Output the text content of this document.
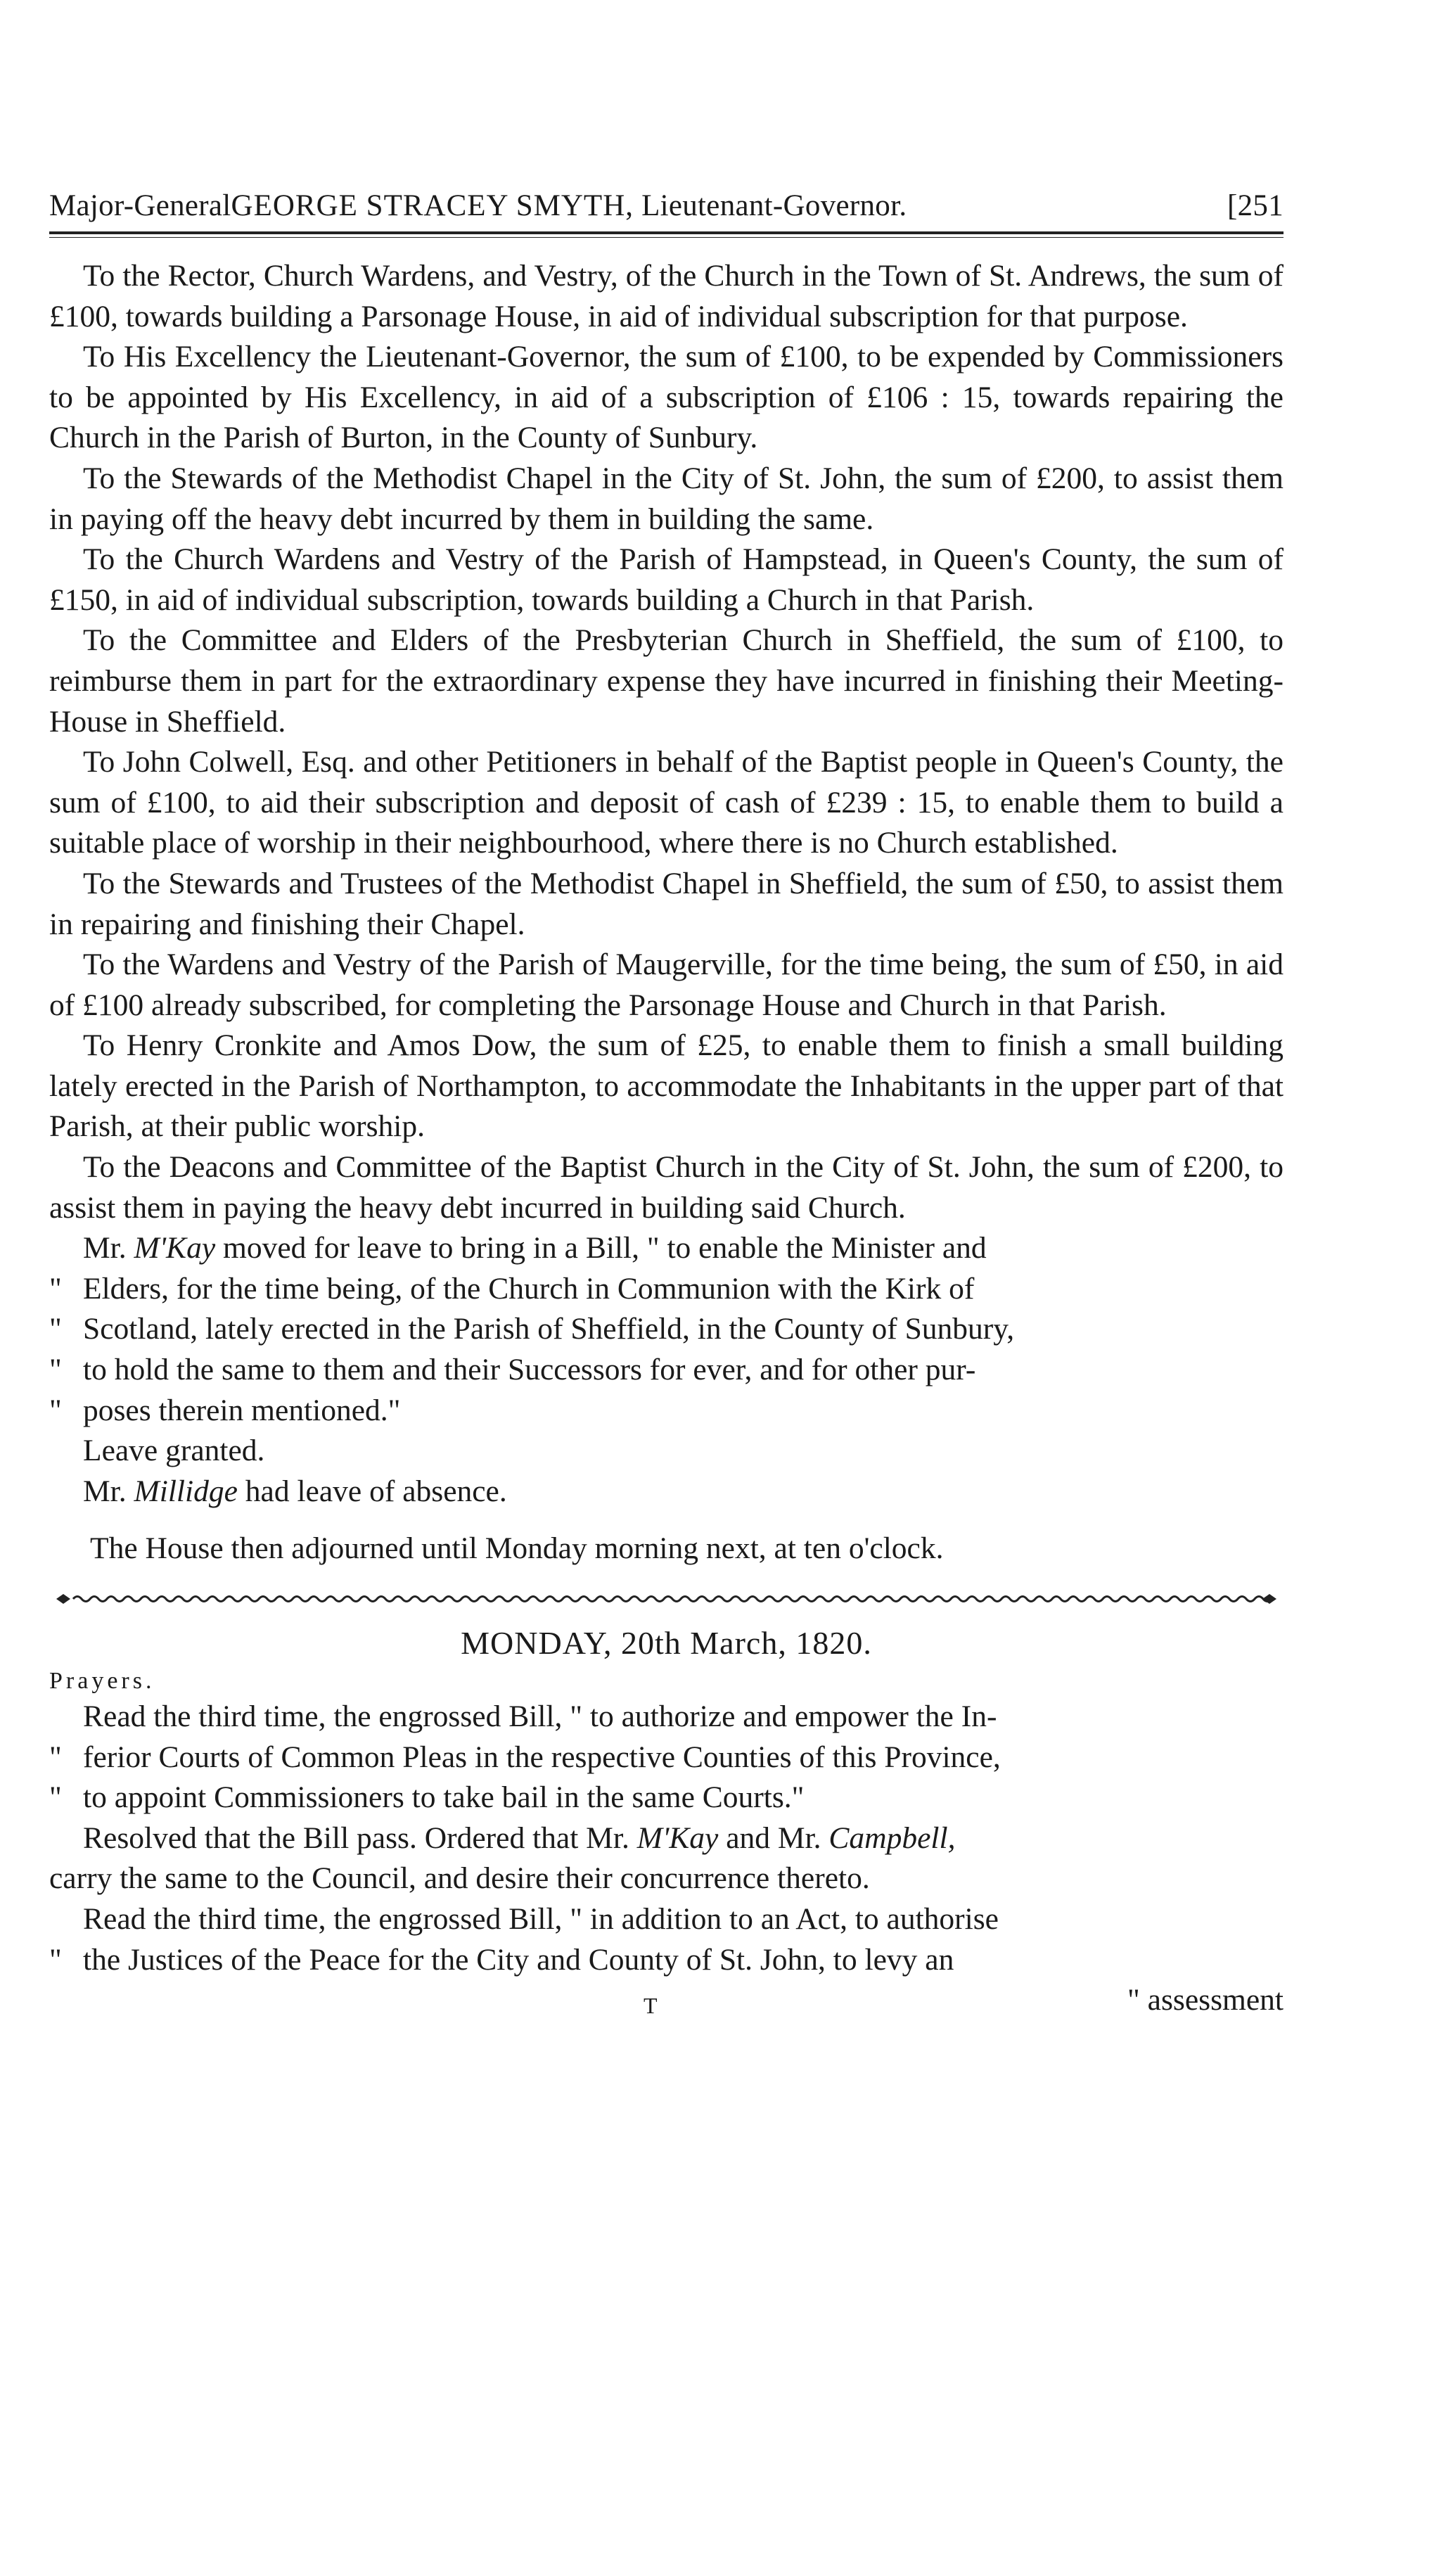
Major-GeneralGEORGE STRACEY SMYTH, Lieutenant-Governor.	[251

To the Rector, Church Wardens, and Vestry, of the Church in the Town of St. Andrews, the sum of £100, towards building a Parsonage House, in aid of individual subscription for that purpose.

To His Excellency the Lieutenant-Governor, the sum of £100, to be expended by Commissioners to be appointed by His Excellency, in aid of a subscription of £106 : 15, towards repairing the Church in the Parish of Burton, in the County of Sunbury.

To the Stewards of the Methodist Chapel in the City of St. John, the sum of £200, to assist them in paying off the heavy debt incurred by them in building the same.

To the Church Wardens and Vestry of the Parish of Hampstead, in Queen's County, the sum of £150, in aid of individual subscription, towards building a Church in that Parish.

To the Committee and Elders of the Presbyterian Church in Sheffield, the sum of £100, to reimburse them in part for the extraordinary expense they have incurred in finishing their Meeting-House in Sheffield.

To John Colwell, Esq. and other Petitioners in behalf of the Baptist people in Queen's County, the sum of £100, to aid their subscription and deposit of cash of £239 : 15, to enable them to build a suitable place of worship in their neighbourhood, where there is no Church established.

To the Stewards and Trustees of the Methodist Chapel in Sheffield, the sum of £50, to assist them in repairing and finishing their Chapel.

To the Wardens and Vestry of the Parish of Maugerville, for the time being, the sum of £50, in aid of £100 already subscribed, for completing the Parsonage House and Church in that Parish.

To Henry Cronkite and Amos Dow, the sum of £25, to enable them to finish a small building lately erected in the Parish of Northampton, to accommodate the Inhabitants in the upper part of that Parish, at their public worship.

To the Deacons and Committee of the Baptist Church in the City of St. John, the sum of £200, to assist them in paying the heavy debt incurred in building said Church.

Mr. M'Kay moved for leave to bring in a Bill, " to enable the Minister and
" Elders, for the time being, of the Church in Communion with the Kirk of
" Scotland, lately erected in the Parish of Sheffield, in the County of Sunbury,
" to hold the same to them and their Successors for ever, and for other pur-
" poses therein mentioned."
Leave granted.
Mr. Millidge had leave of absence.
The House then adjourned until Monday morning next, at ten o'clock.
MONDAY, 20th March, 1820.
Prayers.
Read the third time, the engrossed Bill, " to authorize and empower the In-
" ferior Courts of Common Pleas in the respective Counties of this Province,
" to appoint Commissioners to take bail in the same Courts."
Resolved that the Bill pass. Ordered that Mr. M'Kay and Mr. Campbell,
carry the same to the Council, and desire their concurrence thereto.
Read the third time, the engrossed Bill, " in addition to an Act, to authorise
" the Justices of the Peace for the City and County of St. John, to levy an
T	" assessment
